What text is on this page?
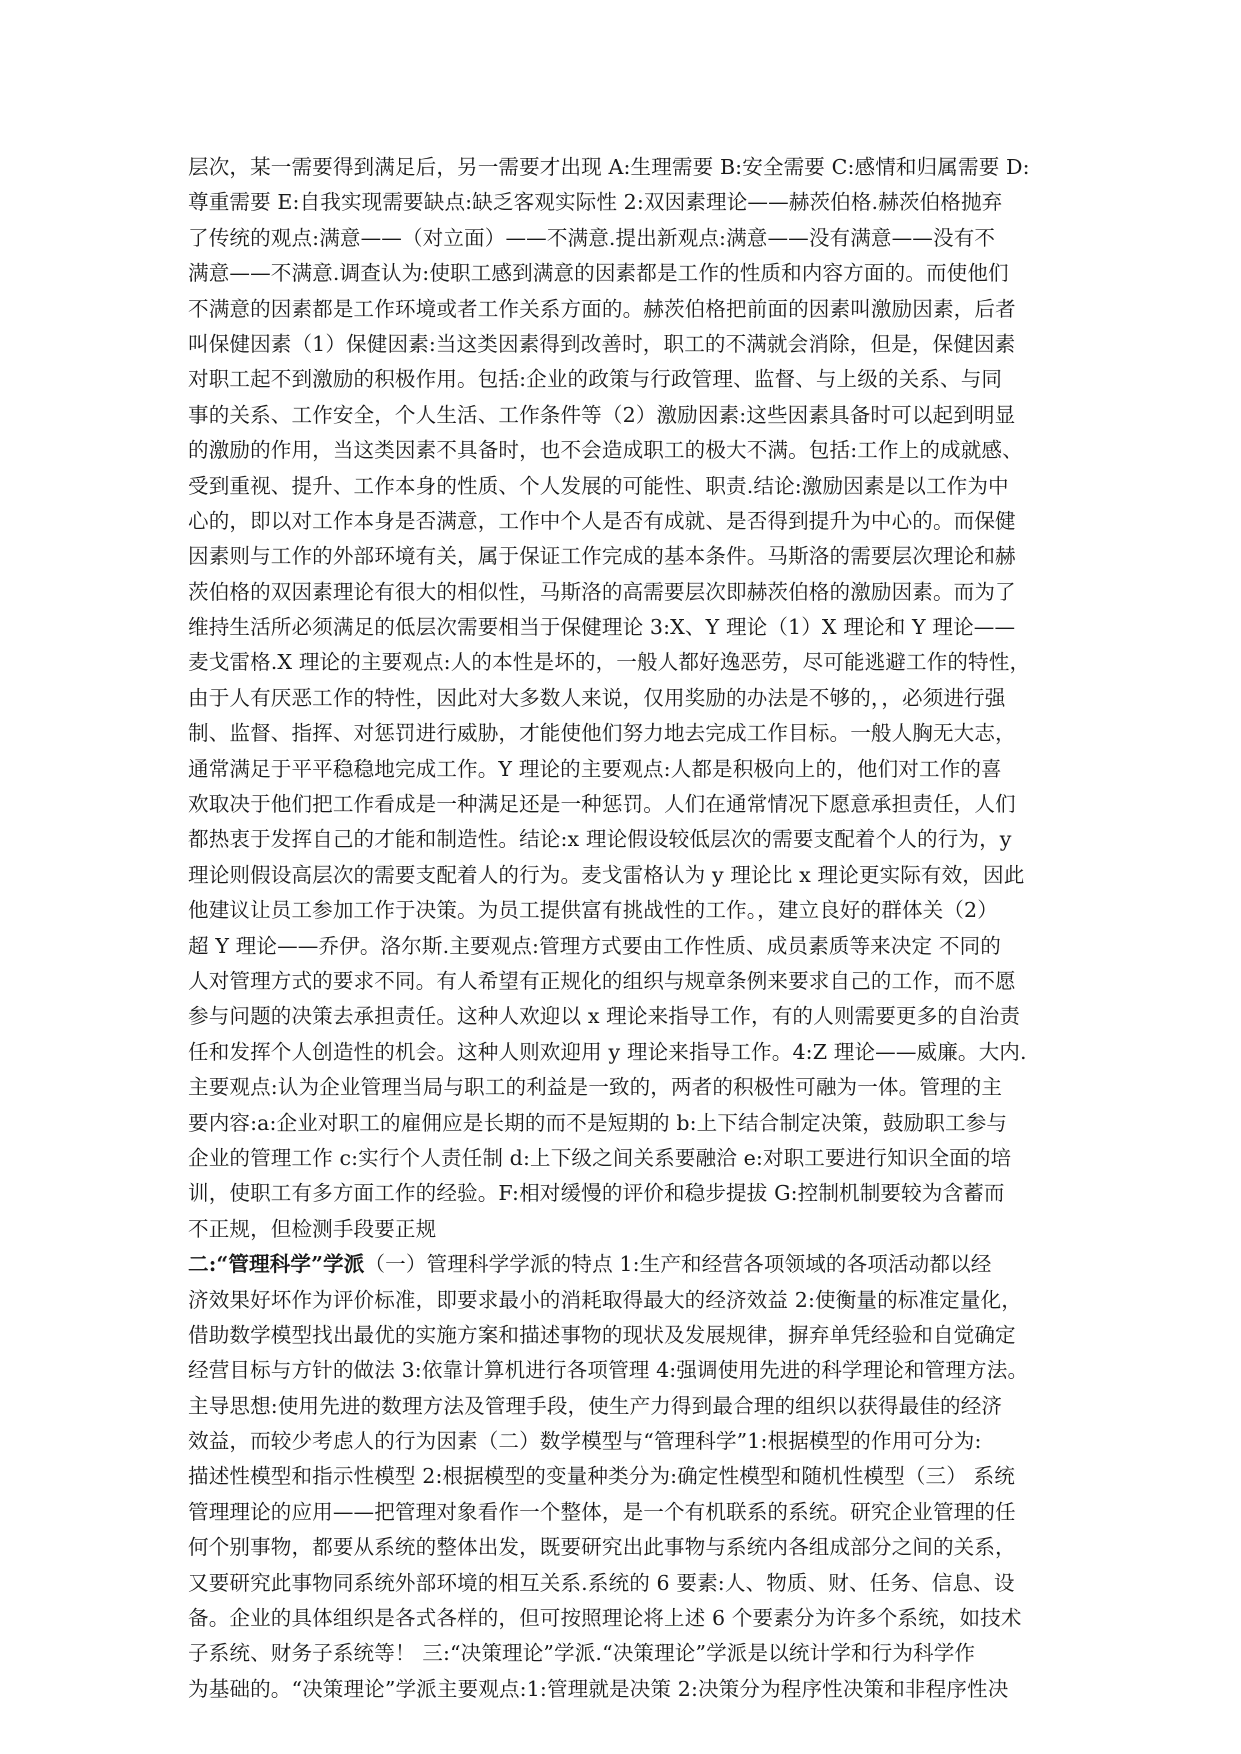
层次，某一需要得到满足后，另一需要才出现 A:生理需要 B:安全需要 C:感情和归属需要 D:
尊重需要 E:自我实现需要缺点:缺乏客观实际性 2:双因素理论——赫茨伯格.赫茨伯格抛弃
了传统的观点:满意——（对立面）——不满意.提出新观点:满意——没有满意——没有不
满意——不满意.调查认为:使职工感到满意的因素都是工作的性质和内容方面的。而使他们
不满意的因素都是工作环境或者工作关系方面的。赫茨伯格把前面的因素叫激励因素，后者
叫保健因素（1）保健因素:当这类因素得到改善时，职工的不满就会消除，但是，保健因素
对职工起不到激励的积极作用。包括:企业的政策与行政管理、监督、与上级的关系、与同
事的关系、工作安全，个人生活、工作条件等（2）激励因素:这些因素具备时可以起到明显
的激励的作用，当这类因素不具备时，也不会造成职工的极大不满。包括:工作上的成就感、
受到重视、提升、工作本身的性质、个人发展的可能性、职责.结论:激励因素是以工作为中
心的，即以对工作本身是否满意，工作中个人是否有成就、是否得到提升为中心的。而保健
因素则与工作的外部环境有关，属于保证工作完成的基本条件。马斯洛的需要层次理论和赫
茨伯格的双因素理论有很大的相似性，马斯洛的高需要层次即赫茨伯格的激励因素。而为了
维持生活所必须满足的低层次需要相当于保健理论 3:X、Y 理论（1）X 理论和 Y 理论——
麦戈雷格.X 理论的主要观点:人的本性是坏的，一般人都好逸恶劳，尽可能逃避工作的特性，
由于人有厌恶工作的特性，因此对大多数人来说，仅用奖励的办法是不够的，，必须进行强
制、监督、指挥、对惩罚进行威胁，才能使他们努力地去完成工作目标。一般人胸无大志，
通常满足于平平稳稳地完成工作。Y 理论的主要观点:人都是积极向上的，他们对工作的喜
欢取决于他们把工作看成是一种满足还是一种惩罚。人们在通常情况下愿意承担责任，人们
都热衷于发挥自己的才能和制造性。结论:x 理论假设较低层次的需要支配着个人的行为，y
理论则假设高层次的需要支配着人的行为。麦戈雷格认为 y 理论比 x 理论更实际有效，因此
他建议让员工参加工作于决策。为员工提供富有挑战性的工作。，建立良好的群体关（2）
超 Y 理论——乔伊。洛尔斯.主要观点:管理方式要由工作性质、成员素质等来决定 不同的
人对管理方式的要求不同。有人希望有正规化的组织与规章条例来要求自己的工作，而不愿
参与问题的决策去承担责任。这种人欢迎以 x 理论来指导工作，有的人则需要更多的自治责
任和发挥个人创造性的机会。这种人则欢迎用 y 理论来指导工作。4:Z 理论——威廉。大内.
主要观点:认为企业管理当局与职工的利益是一致的，两者的积极性可融为一体。管理的主
要内容:a:企业对职工的雇佣应是长期的而不是短期的 b:上下结合制定决策，鼓励职工参与
企业的管理工作 c:实行个人责任制 d:上下级之间关系要融洽 e:对职工要进行知识全面的培
训，使职工有多方面工作的经验。F:相对缓慢的评价和稳步提拔 G:控制机制要较为含蓄而
不正规，但检测手段要正规
二:“管理科学”学派（一）管理科学学派的特点 1:生产和经营各项领域的各项活动都以经
济效果好坏作为评价标准，即要求最小的消耗取得最大的经济效益 2:使衡量的标准定量化，
借助数学模型找出最优的实施方案和描述事物的现状及发展规律，摒弃单凭经验和自觉确定
经营目标与方针的做法 3:依靠计算机进行各项管理 4:强调使用先进的科学理论和管理方法。
主导思想:使用先进的数理方法及管理手段，使生产力得到最合理的组织以获得最佳的经济
效益，而较少考虑人的行为因素（二）数学模型与“管理科学”1:根据模型的作用可分为:
描述性模型和指示性模型 2:根据模型的变量种类分为:确定性模型和随机性模型（三） 系统
管理理论的应用——把管理对象看作一个整体，是一个有机联系的系统。研究企业管理的任
何个别事物，都要从系统的整体出发，既要研究出此事物与系统内各组成部分之间的关系，
又要研究此事物同系统外部环境的相互关系.系统的 6 要素:人、物质、财、任务、信息、设
备。企业的具体组织是各式各样的，但可按照理论将上述 6 个要素分为许多个系统，如技术
子系统、财务子系统等！ 三:“决策理论”学派.“决策理论”学派是以统计学和行为科学作
为基础的。“决策理论”学派主要观点:1:管理就是决策 2:决策分为程序性决策和非程序性决
